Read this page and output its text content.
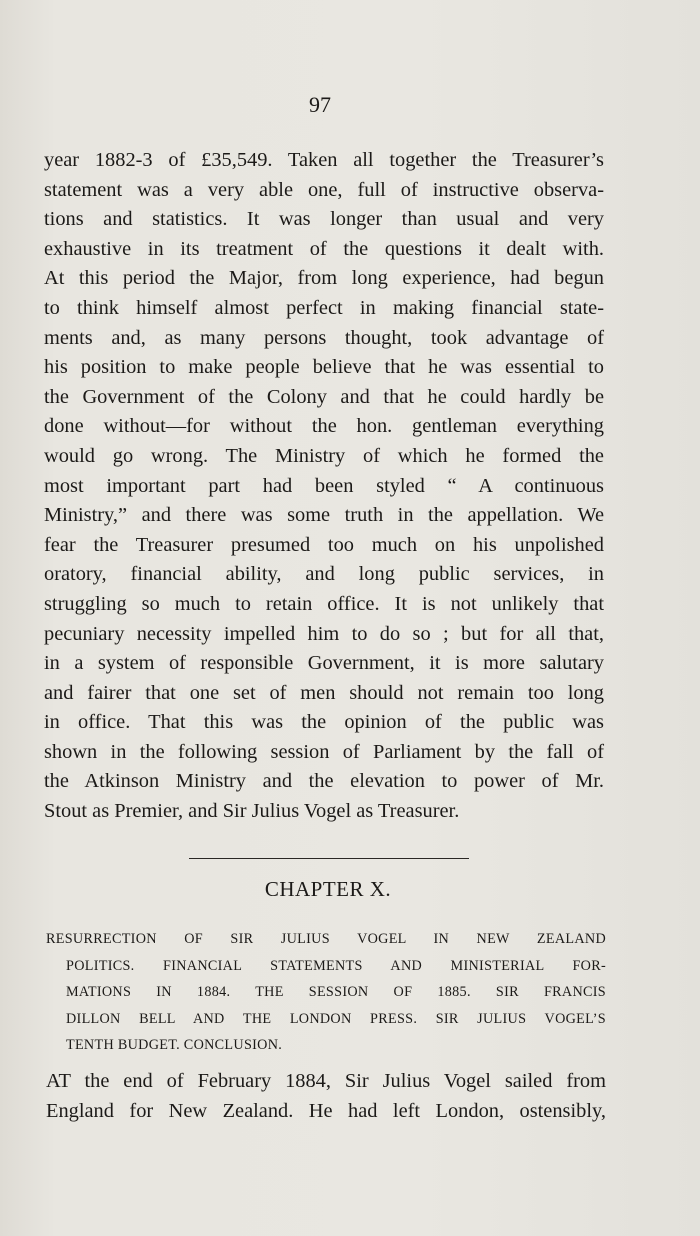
97
year 1882-3 of £35,549. Taken all together the Treasurer’s
statement was a very able one, full of instructive observa-
tions and statistics. It was longer than usual and very
exhaustive in its treatment of the questions it dealt with.
At this period the Major, from long experience, had begun
to think himself almost perfect in making financial state-
ments and, as many persons thought, took advantage of
his position to make people believe that he was essential to
the Government of the Colony and that he could hardly be
done without—for without the hon. gentleman everything
would go wrong. The Ministry of which he formed the
most important part had been styled “ A continuous
Ministry,” and there was some truth in the appellation. We
fear the Treasurer presumed too much on his unpolished
oratory, financial ability, and long public services, in
struggling so much to retain office. It is not unlikely that
pecuniary necessity impelled him to do so ; but for all that,
in a system of responsible Government, it is more salutary
and fairer that one set of men should not remain too long
in office. That this was the opinion of the public was
shown in the following session of Parliament by the fall of
the Atkinson Ministry and the elevation to power of Mr.
Stout as Premier, and Sir Julius Vogel as Treasurer.
CHAPTER X.
RESURRECTION OF SIR JULIUS VOGEL IN NEW ZEALAND
POLITICS. FINANCIAL STATEMENTS AND MINISTERIAL FOR-
MATIONS IN 1884. THE SESSION OF 1885. SIR FRANCIS
DILLON BELL AND THE LONDON PRESS. SIR JULIUS VOGEL’S
TENTH BUDGET. CONCLUSION.
AT the end of February 1884, Sir Julius Vogel sailed from
England for New Zealand. He had left London, ostensibly,
